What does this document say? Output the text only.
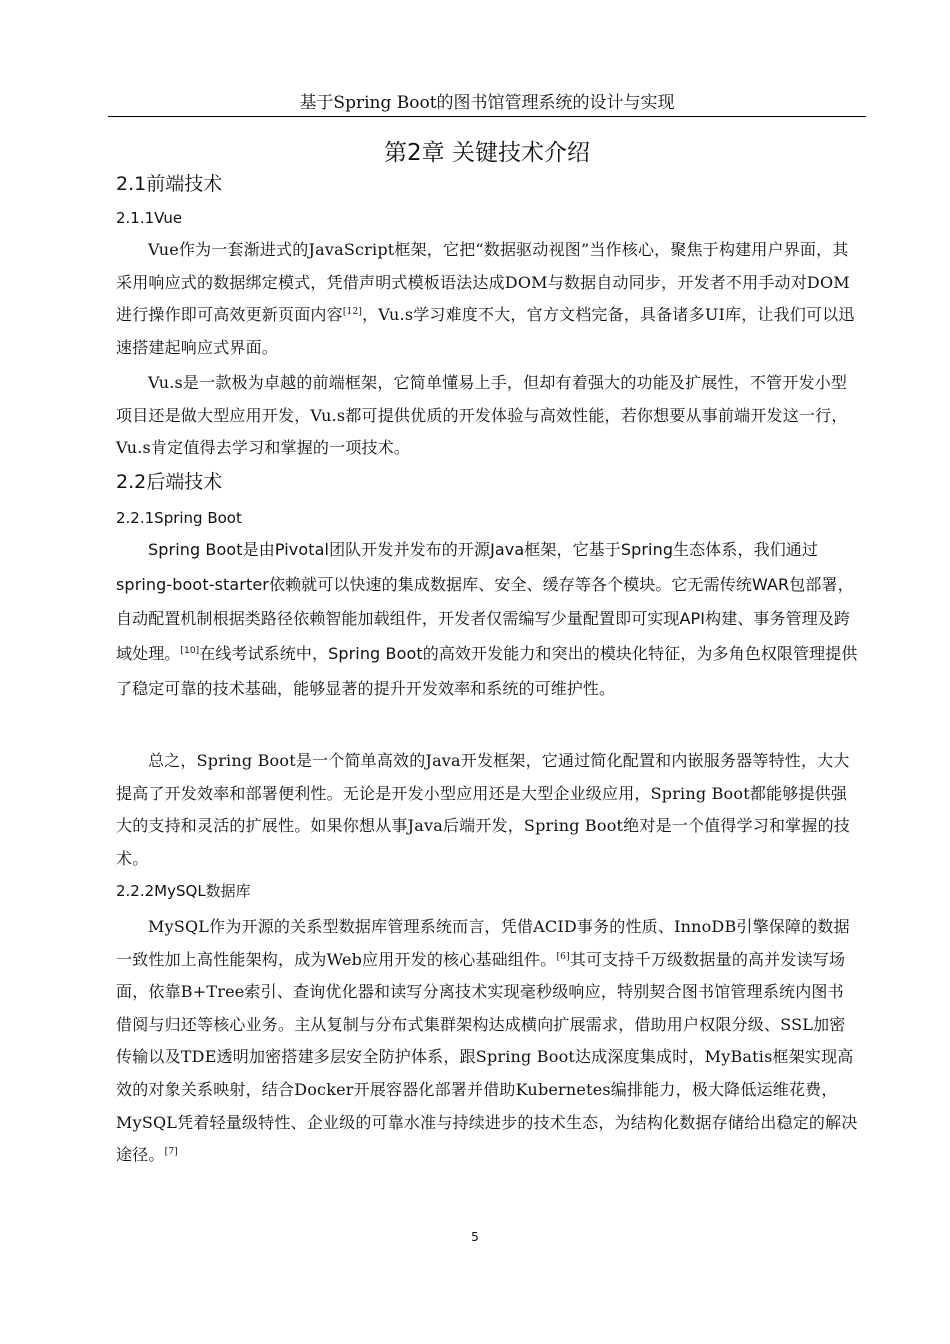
基于Spring Boot的图书馆管理系统的设计与实现
第2章 关键技术介绍
2.1前端技术
2.1.1Vue

Vue作为一套渐进式的JavaScript框架，它把“数据驱动视图”当作核心，聚焦于构建用户界面，其采用响应式的数据绑定模式，凭借声明式模板语法达成DOM与数据自动同步，开发者不用手动对DOM进行操作即可高效更新页面内容[12]，Vu.s学习难度不大，官方文档完备，具备诸多UI库，让我们可以迅速搭建起响应式界面。

Vu.s是一款极为卓越的前端框架，它简单懂易上手，但却有着强大的功能及扩展性，不管开发小型项目还是做大型应用开发，Vu.s都可提供优质的开发体验与高效性能，若你想要从事前端开发这一行，Vu.s肯定值得去学习和掌握的一项技术。

2.2后端技术
2.2.1Spring Boot

Spring Boot是由Pivotal团队开发并发布的开源Java框架，它基于Spring生态体系，我们通过spring-boot-starter依赖就可以快速的集成数据库、安全、缓存等各个模块。它无需传统WAR包部署，自动配置机制根据类路径依赖智能加载组件，开发者仅需编写少量配置即可实现API构建、事务管理及跨域处理。[10]在线考试系统中，Spring Boot的高效开发能力和突出的模块化特征，为多角色权限管理提供了稳定可靠的技术基础，能够显著的提升开发效率和系统的可维护性。

总之，Spring Boot是一个简单高效的Java开发框架，它通过简化配置和内嵌服务器等特性，大大提高了开发效率和部署便利性。无论是开发小型应用还是大型企业级应用，Spring Boot都能够提供强大的支持和灵活的扩展性。如果你想从事Java后端开发，Spring Boot绝对是一个值得学习和掌握的技术。

2.2.2MySQL数据库

MySQL作为开源的关系型数据库管理系统而言，凭借ACID事务的性质、InnoDB引擎保障的数据一致性加上高性能架构，成为Web应用开发的核心基础组件。[6]其可支持千万级数据量的高并发读写场面，依靠B+Tree索引、查询优化器和读写分离技术实现毫秒级响应，特别契合图书馆管理系统内图书借阅与归还等核心业务。主从复制与分布式集群架构达成横向扩展需求，借助用户权限分级、SSL加密传输以及TDE透明加密搭建多层安全防护体系，跟Spring Boot达成深度集成时，MyBatis框架实现高效的对象关系映射，结合Docker开展容器化部署并借助Kubernetes编排能力，极大降低运维花费，MySQL凭着轻量级特性、企业级的可靠水准与持续进步的技术生态，为结构化数据存储给出稳定的解决途径。[7]

5
